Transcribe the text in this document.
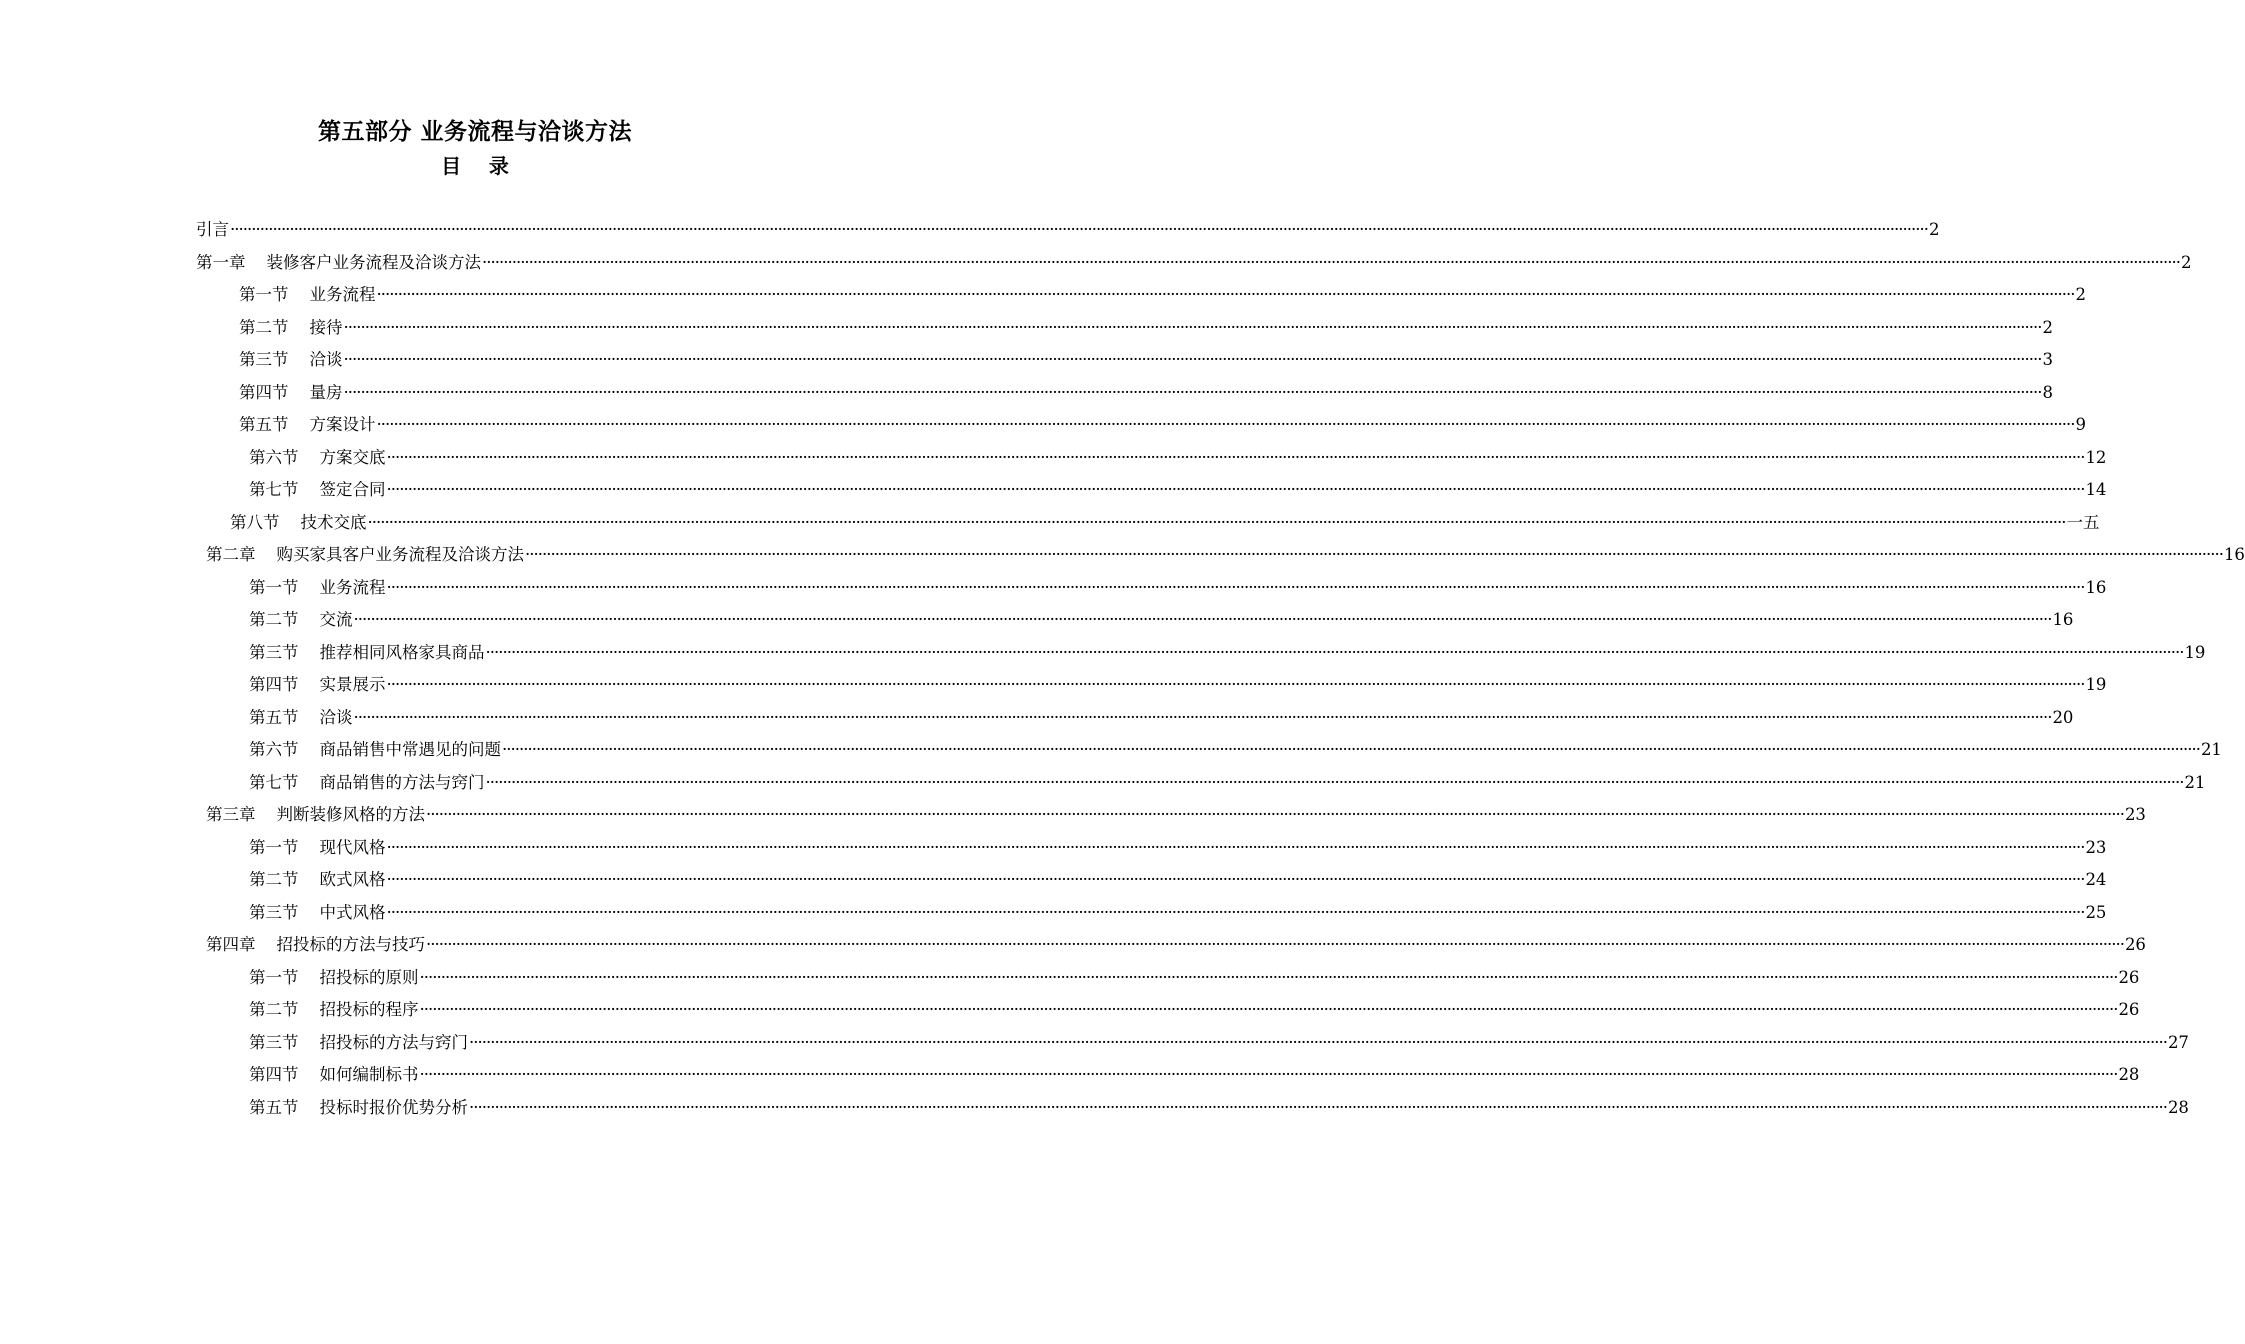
第五部分 业务流程与洽谈方法
目    录
引言 ················································································································································································································································································································································································································ 2
第一章    装修客户业务流程及洽谈方法 ················································································································································································································································································································································································································ 2
第一节    业务流程 ················································································································································································································································································································································································································ 2
第二节    接待 ················································································································································································································································································································································································································ 2
第三节    洽谈 ················································································································································································································································································································································································································ 3
第四节    量房 ················································································································································································································································································································································································································ 8
第五节    方案设计 ················································································································································································································································································································································································································ 9
第六节    方案交底 ················································································································································································································································································································································································································ 12
第七节    签定合同 ················································································································································································································································································································································································································ 14
第八节    技术交底 ················································································································································································································································································································································································································ 一五
第二章    购买家具客户业务流程及洽谈方法 ················································································································································································································································································································································································································ 16
第一节    业务流程 ················································································································································································································································································································································································································ 16
第二节    交流 ················································································································································································································································································································································································································ 16
第三节    推荐相同风格家具商品 ················································································································································································································································································································································································································ 19
第四节    实景展示 ················································································································································································································································································································································································································ 19
第五节    洽谈 ················································································································································································································································································································································································································ 20
第六节    商品销售中常遇见的问题 ················································································································································································································································································································································································································ 21
第七节    商品销售的方法与窍门 ················································································································································································································································································································································································································ 21
第三章    判断装修风格的方法 ················································································································································································································································································································································································································ 23
第一节    现代风格 ················································································································································································································································································································································································································ 23
第二节    欧式风格 ················································································································································································································································································································································································································ 24
第三节    中式风格 ················································································································································································································································································································································································································ 25
第四章    招投标的方法与技巧 ················································································································································································································································································································································································································ 26
第一节    招投标的原则 ················································································································································································································································································································································································································ 26
第二节    招投标的程序 ················································································································································································································································································································································································································ 26
第三节    招投标的方法与窍门 ················································································································································································································································································································································································································ 27
第四节    如何编制标书 ················································································································································································································································································································································································································ 28
第五节    投标时报价优势分析 ················································································································································································································································································································································································································ 28
